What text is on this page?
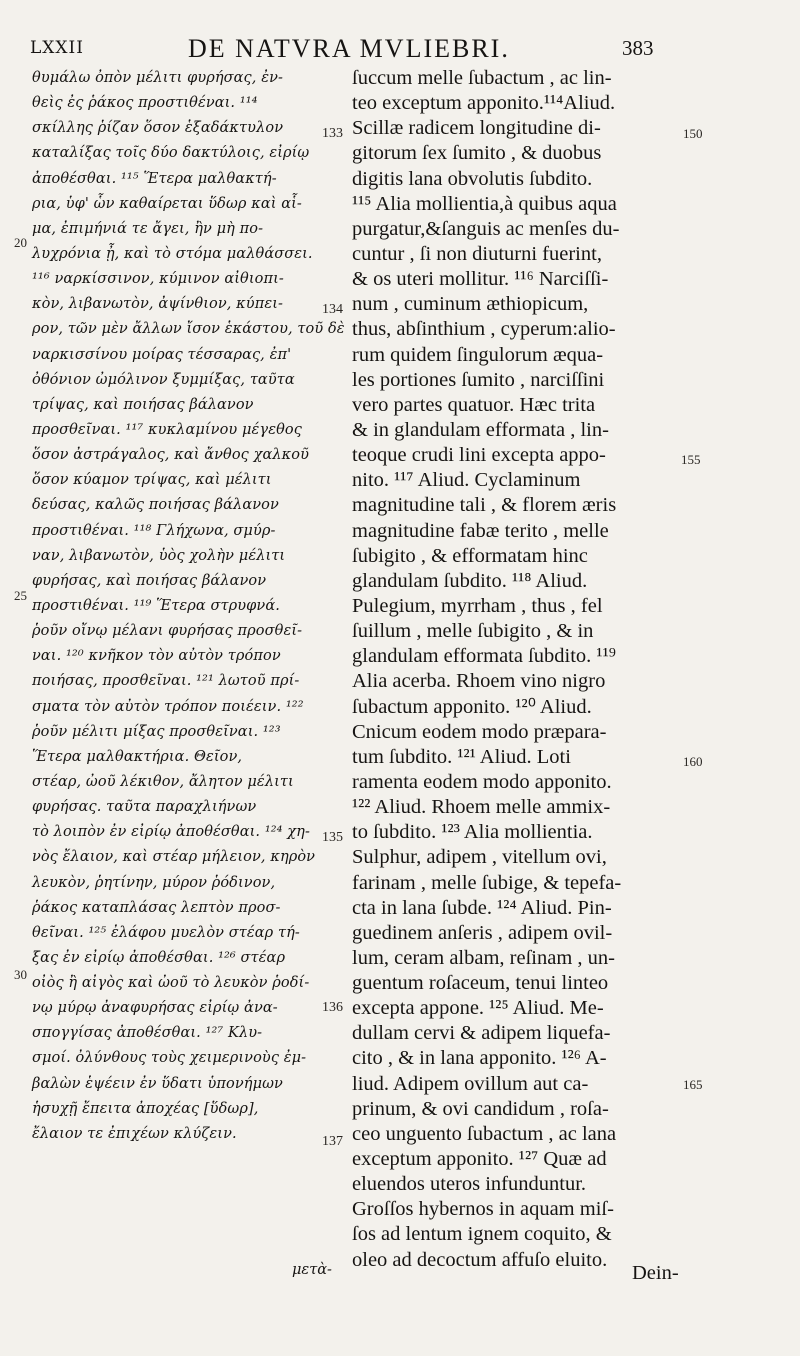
LXXII	DE NATVRA MVLIEBRI.	383
θυμάλω ὀπὸν μέλιτι φυρήσας, ἐν-
θεὶς ἐς ῥάκος προστιθέναι. ¹¹⁴
σκίλλης ῥίζαν ὅσον ἑξαδάκτυλον
καταλίξας τοῖς δύο δακτύλοις, εἰρίῳ
ἀποθέσθαι. ¹¹⁵ Ἕτερα μαλθακτή-
ρια, ὑφ' ὧν καθαίρεται ὕδωρ καὶ αἷ-
μα, ἐπιμήνιά τε ἄγει, ἢν μὴ πο-
λυχρόνια ᾖ, καὶ τὸ στόμα μαλθάσσει.
¹¹⁶ ναρκίσσινον, κύμινον αἰθιοπι-
κὸν, λιβανωτὸν, ἀψίνθιον, κύπει-
ρον, τῶν μὲν ἄλλων ἴσον ἑκάστου, τοῦ δὲ
ναρκισσίνου μοίρας τέσσαρας, ἐπ'
ὀθόνιον ὠμόλινον ξυμμίξας, ταῦτα
τρίψας, καὶ ποιήσας βάλανον
προσθεῖναι. ¹¹⁷ κυκλαμίνου μέγεθος
ὅσον ἀστράγαλος, καὶ ἄνθος χαλκοῦ
ὅσον κύαμον τρίψας, καὶ μέλιτι
δεύσας, καλῶς ποιήσας βάλανον
προστιθέναι. ¹¹⁸ Γλήχωνα, σμύρ-
ναν, λιβανωτὸν, ὑὸς χολὴν μέλιτι
φυρήσας, καὶ ποιήσας βάλανον
προστιθέναι. ¹¹⁹ Ἕτερα στρυφνά.
ῥοῦν οἴνῳ μέλανι φυρήσας προσθεῖ-
ναι. ¹²⁰ κνῆκον τὸν αὐτὸν τρόπον
ποιήσας, προσθεῖναι. ¹²¹ λωτοῦ πρί-
σματα τὸν αὐτὸν τρόπον ποιέειν. ¹²²
ῥοῦν μέλιτι μίξας προσθεῖναι. ¹²³
Ἕτερα μαλθακτήρια. Θεῖον,
στέαρ, ὠοῦ λέκιθον, ἄλητον μέλιτι
φυρήσας. ταῦτα παραχλιήνων
τὸ λοιπὸν ἐν εἰρίῳ ἀποθέσθαι. ¹²⁴ χη-
νὸς ἔλαιον, καὶ στέαρ μήλειον, κηρὸν
λευκὸν, ῥητίνην, μύρον ῥόδινον,
ῥάκος καταπλάσας λεπτὸν προσ-
θεῖναι. ¹²⁵ ἐλάφου μυελὸν στέαρ τή-
ξας ἐν εἰρίῳ ἀποθέσθαι. ¹²⁶ στέαρ
οἰὸς ἢ αἰγὸς καὶ ὠοῦ τὸ λευκὸν ῥοδί-
νῳ μύρῳ ἀναφυρήσας εἰρίῳ ἀνα-
σπογγίσας ἀποθέσθαι. ¹²⁷ Κλυ-
σμοί. ὀλύνθους τοὺς χειμερινοὺς ἐμ-
βαλὼν ἑψέειν ἐν ὕδατι ὑπονήμων
ἡσυχῇ ἔπειτα ἀποχέας [ὕδωρ],
ἔλαιον τε ἐπιχέων κλύζειν.
ſuccum melle ſubactum , ac lin-
teo exceptum apponito.¹¹⁴Aliud.
Scillæ radicem longitudine di-
gitorum ſex ſumito , & duobus
digitis lana obvolutis ſubdito.
¹¹⁵ Alia mollientia,à quibus aqua
purgatur,&ſanguis ac menſes du-
cuntur , ſi non diuturni fuerint,
& os uteri mollitur. ¹¹⁶ Narciſſi-
num , cuminum æthiopicum,
thus, abſinthium , cyperum:alio-
rum quidem ſingulorum æqua-
les portiones ſumito , narciſſini
vero partes quatuor. Hæc trita
& in glandulam efformata , lin-
teoque crudi lini excepta appo-
nito. ¹¹⁷ Aliud. Cyclaminum
magnitudine tali , & florem æris
magnitudine fabæ terito , melle
ſubigito , & efformatam hinc
glandulam ſubdito. ¹¹⁸ Aliud.
Pulegium, myrrham , thus , fel
ſuillum , melle ſubigito , & in
glandulam efformata ſubdito. ¹¹⁹
Alia acerba. Rhoem vino nigro
ſubactum apponito. ¹²⁰ Aliud.
Cnicum eodem modo præpara-
tum ſubdito. ¹²¹ Aliud. Loti
ramenta eodem modo apponito.
¹²² Aliud. Rhoem melle ammix-
to ſubdito. ¹²³ Alia mollientia.
Sulphur, adipem , vitellum ovi,
farinam , melle ſubige, & tepefa-
cta in lana ſubde. ¹²⁴ Aliud. Pin-
guedinem anſeris , adipem ovil-
lum, ceram albam, reſinam , un-
guentum roſaceum, tenui linteo
excepta appone. ¹²⁵ Aliud. Me-
dullam cervi & adipem liquefa-
cito , & in lana apponito. ¹²⁶ A-
liud. Adipem ovillum aut ca-
prinum, & ovi candidum , roſa-
ceo unguento ſubactum , ac lana
exceptum apponito. ¹²⁷ Quæ ad
eluendos uteros infunduntur.
Groſſos hybernos in aquam miſ-
ſos ad lentum ignem coquito, &
oleo ad decoctum affuſo eluito.
20
25
30
133
134
135
136
137
150
155
160
165
μετὰ-	Dein-
